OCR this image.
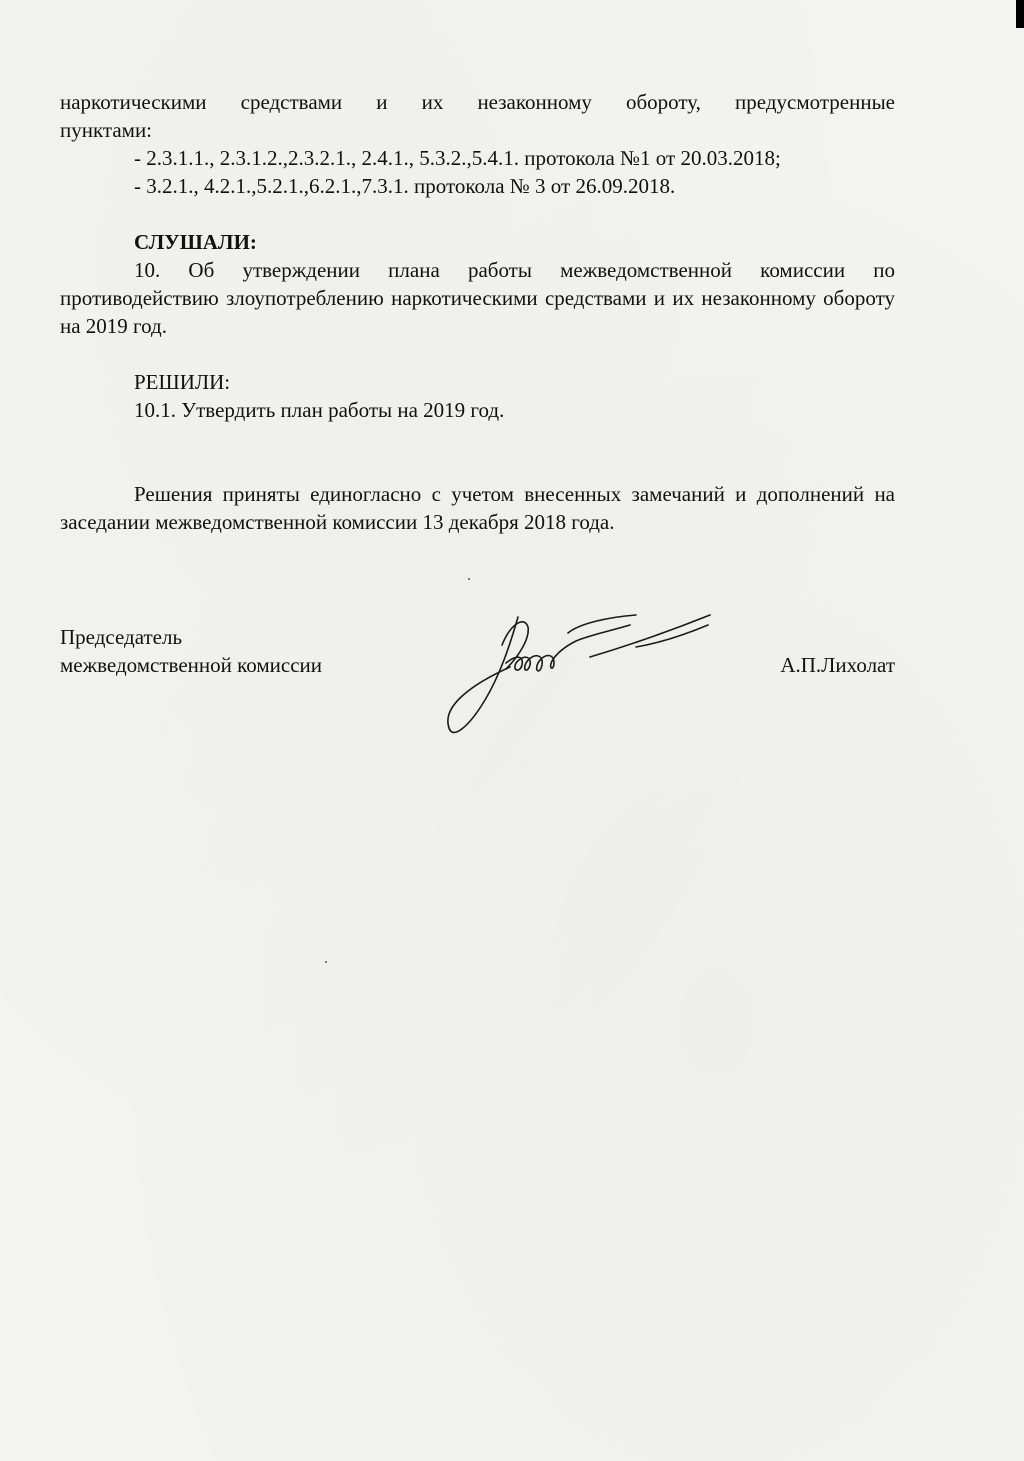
наркотическими средствами и их незаконному обороту, предусмотренные

пунктами:

- 2.3.1.1., 2.3.1.2.,2.3.2.1., 2.4.1., 5.3.2.,5.4.1. протокола №1 от 20.03.2018;

- 3.2.1., 4.2.1.,5.2.1.,6.2.1.,7.3.1. протокола № 3 от 26.09.2018.

СЛУШАЛИ:

10. Об утверждении плана работы межведомственной комиссии по противодействию злоупотреблению наркотическими средствами и их незаконному обороту на 2019 год.

РЕШИЛИ:

10.1. Утвердить план работы на 2019 год.

Решения приняты единогласно с учетом внесенных замечаний и дополнений на заседании межведомственной комиссии 13 декабря 2018 года.

Председатель

межведомственной комиссии	А.П.Лихолат
